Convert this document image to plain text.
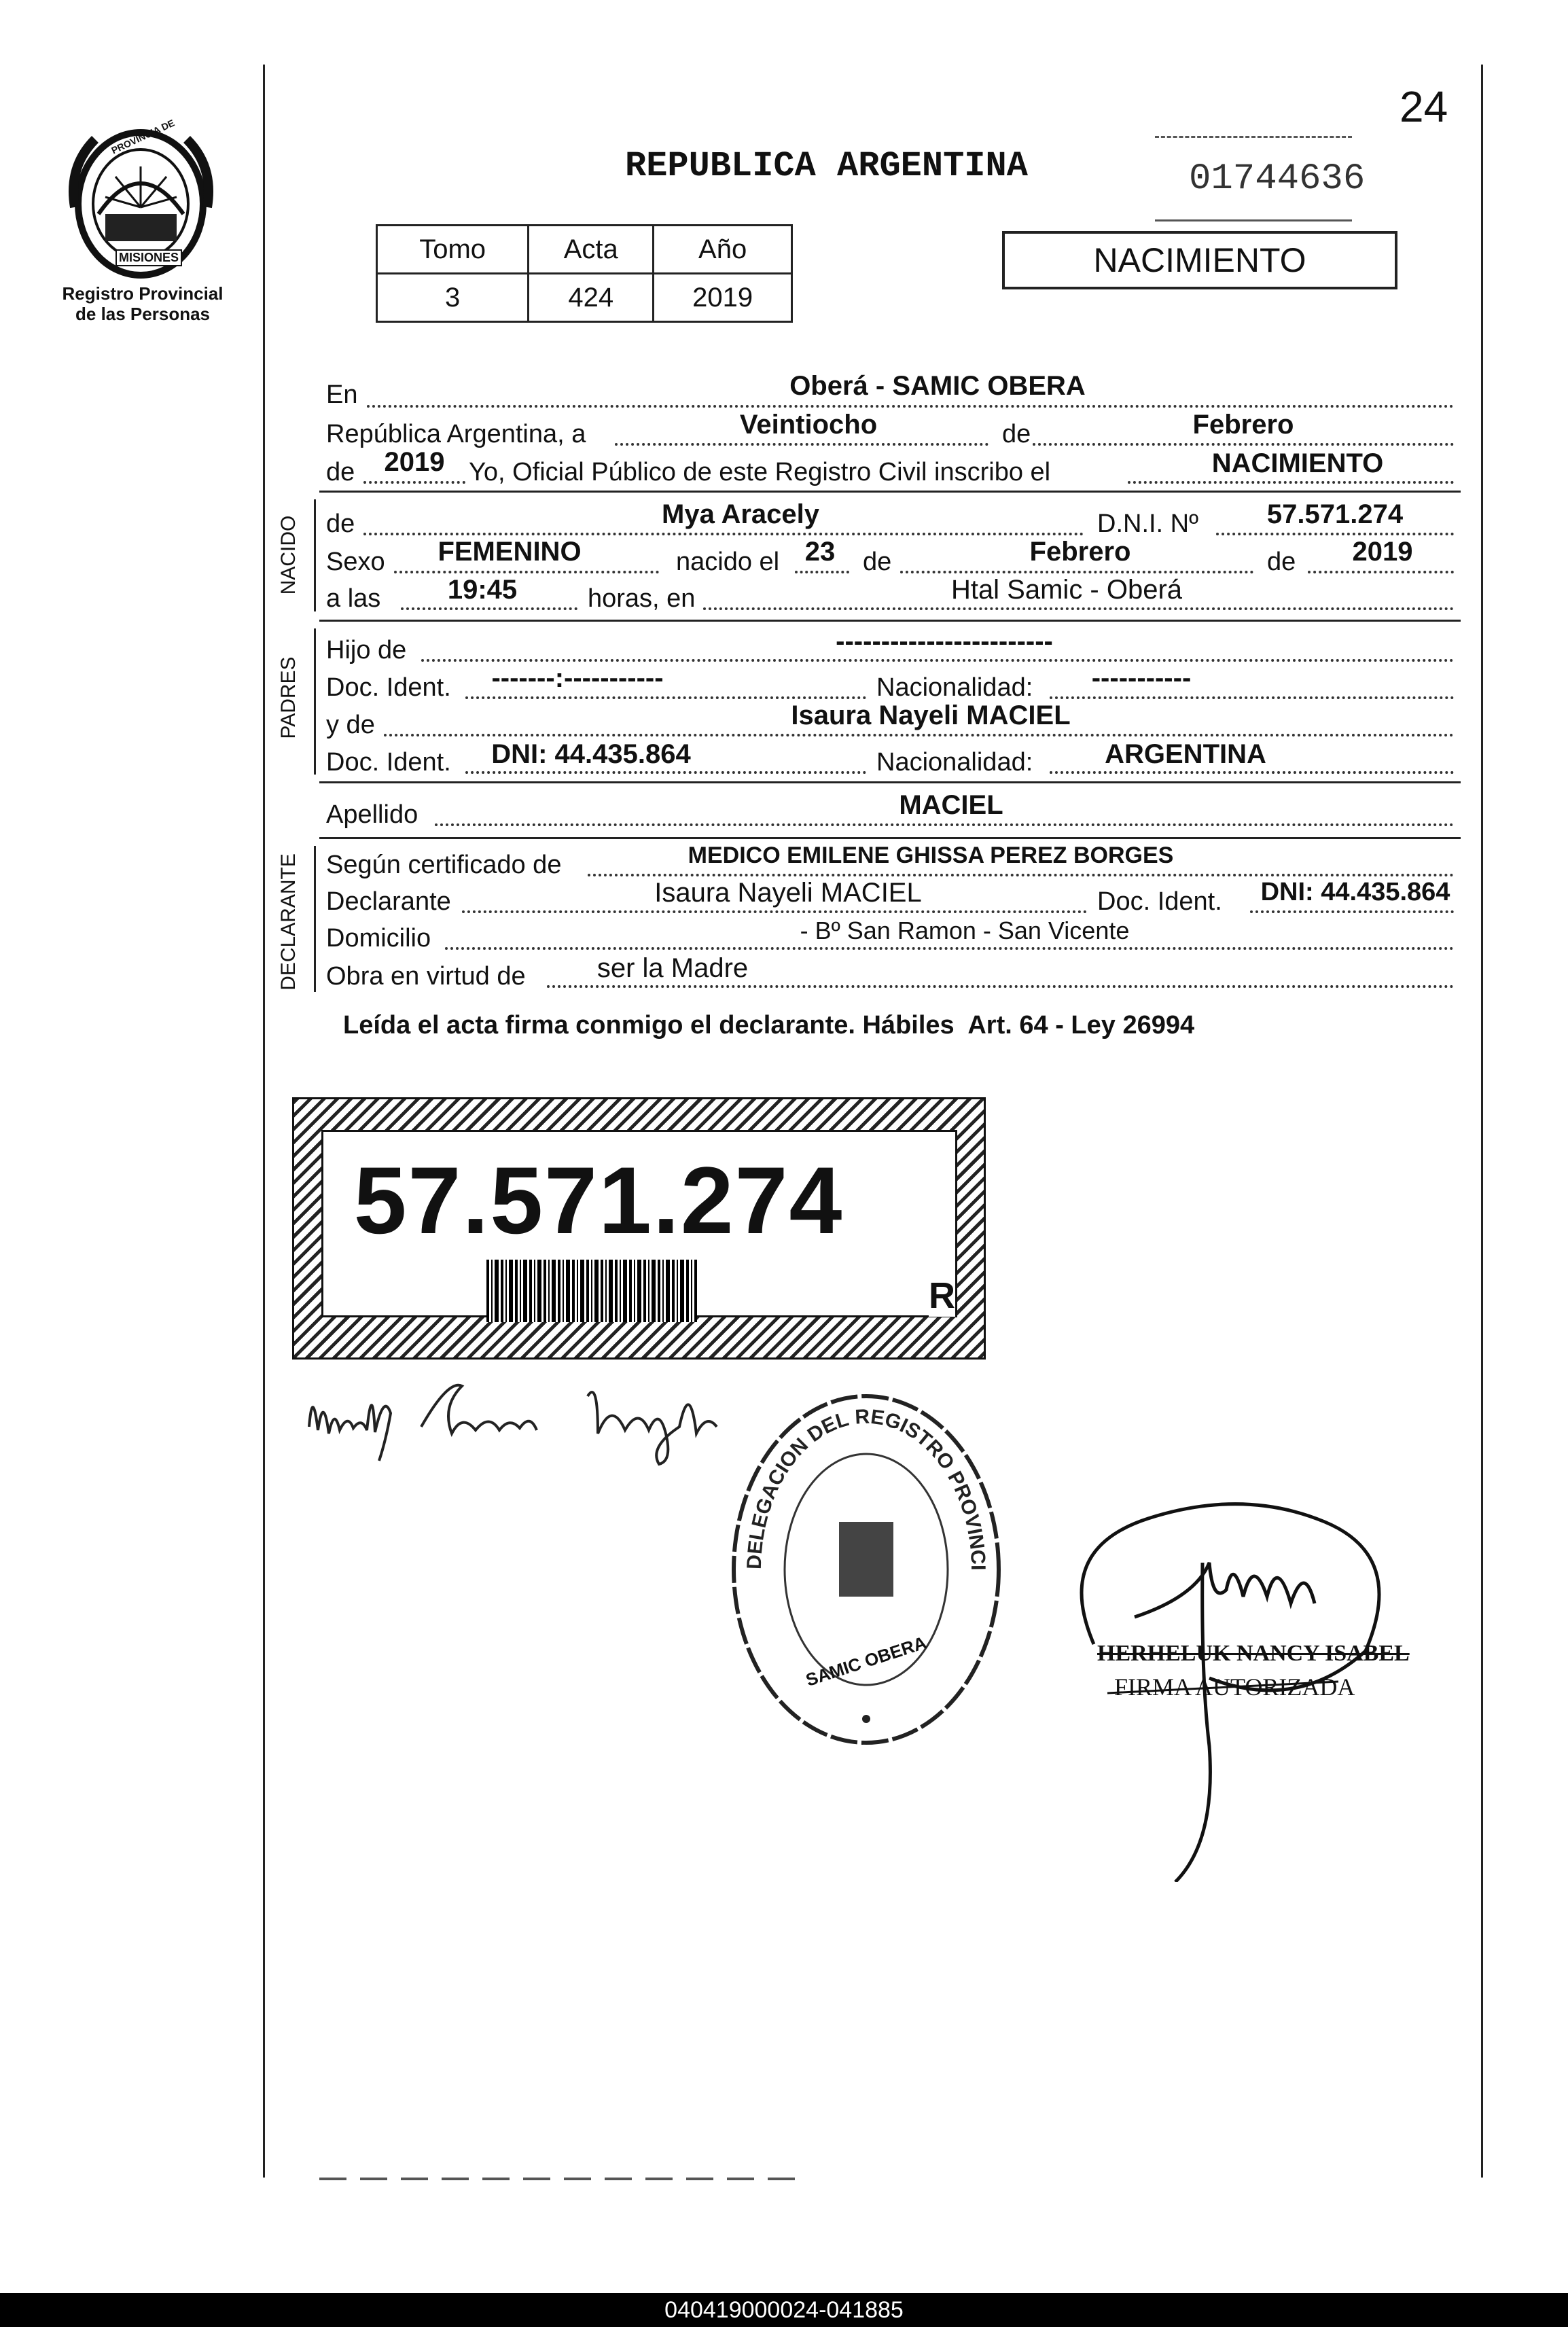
PROVINCIA DE
MISIONES
Registro Provincial
de las Personas
24
REPUBLICA ARGENTINA	01744636
Tomo	Acta	Año
3	424	2019
NACIMIENTO
En	Oberá - SAMIC OBERA
República Argentina, a	Veintiocho	de	Febrero
de	2019 Yo, Oficial Público de este Registro Civil inscribo el	NACIMIENTO
NACIDO de	Mya Aracely	D.N.I. Nº	57.571.274
Sexo	FEMENINO	nacido el 23	de	Febrero	de	2019
a las	19:45	horas, en	Htal Samic - Oberá
PADRES
Hijo de	------------------------
Doc. Ident.	-------:-----------	Nacionalidad:	-----------
y de	Isaura Nayeli MACIEL
Doc. Ident.	DNI: 44.435.864	Nacionalidad:	ARGENTINA
Apellido	MACIEL
DECLARANTE Según certificado de	MEDICO EMILENE GHISSA PEREZ BORGES
Declarante	Isaura Nayeli MACIEL	Doc. Ident. DNI: 44.435.864
Domicilio	- Bº San Ramon - San Vicente
Obra en virtud de	ser la Madre
Leída el acta firma conmigo el declarante. Hábiles  Art. 64 - Ley 26994
57.571.274
R
DELEGACION DEL REGISTRO PROVINCI
SAMIC OBERA	HERHELUK NANCY ISABEL
FIRMA AUTORIZADA
040419000024-041885
